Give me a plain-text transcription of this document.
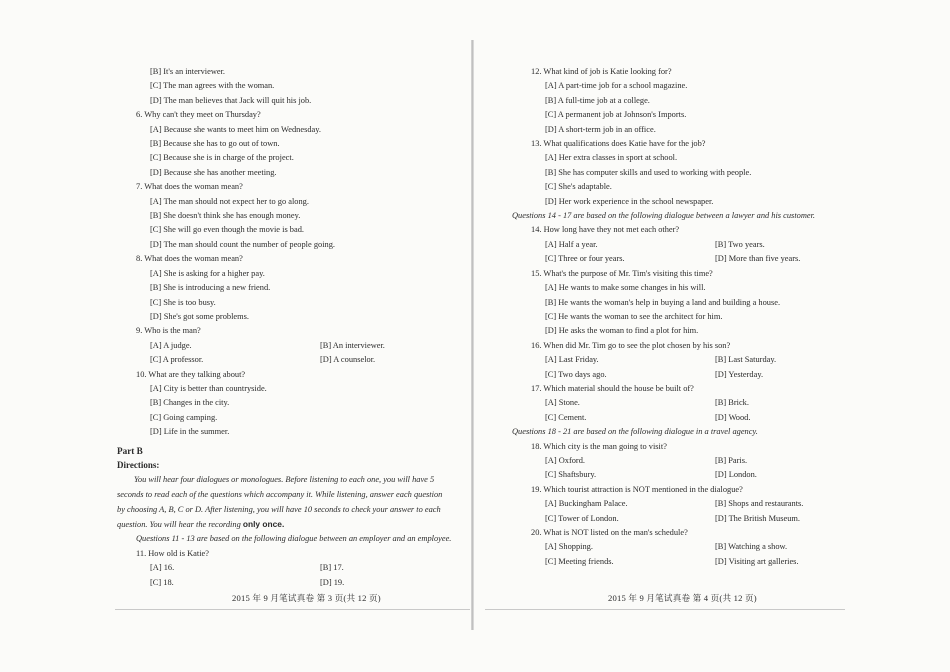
[B] It's an interviewer.
[C] The man agrees with the woman.
[D] The man believes that Jack will quit his job.
6. Why can't they meet on Thursday?
[A] Because she wants to meet him on Wednesday.
[B] Because she has to go out of town.
[C] Because she is in charge of the project.
[D] Because she has another meeting.
7. What does the woman mean?
[A] The man should not expect her to go along.
[B] She doesn't think she has enough money.
[C] She will go even though the movie is bad.
[D] The man should count the number of people going.
8. What does the woman mean?
[A] She is asking for a higher pay.
[B] She is introducing a new friend.
[C] She is too busy.
[D] She's got some problems.
9. Who is the man?
[A] A judge.	[B] An interviewer.
[C] A professor.	[D] A counselor.
10. What are they talking about?
[A] City is better than countryside.
[B] Changes in the city.
[C] Going camping.
[D] Life in the summer.
Part B
Directions:
You will hear four dialogues or monologues. Before listening to each one, you will have 5
seconds to read each of the questions which accompany it. While listening, answer each question
by choosing A, B, C or D. After listening, you will have 10 seconds to check your answer to each
question. You will hear the recording only once.
Questions 11 - 13 are based on the following dialogue between an employer and an employee.
11. How old is Katie?
[A] 16.	[B] 17.
[C] 18.	[D] 19.
2015 年 9 月笔试真卷 第 3 页(共 12 页)
12. What kind of job is Katie looking for?
[A] A part-time job for a school magazine.
[B] A full-time job at a college.
[C] A permanent job at Johnson's Imports.
[D] A short-term job in an office.
13. What qualifications does Katie have for the job?
[A] Her extra classes in sport at school.
[B] She has computer skills and used to working with people.
[C] She's adaptable.
[D] Her work experience in the school newspaper.
Questions 14 - 17 are based on the following dialogue between a lawyer and his customer.
14. How long have they not met each other?
[A] Half a year.	[B] Two years.
[C] Three or four years.	[D] More than five years.
15. What's the purpose of Mr. Tim's visiting this time?
[A] He wants to make some changes in his will.
[B] He wants the woman's help in buying a land and building a house.
[C] He wants the woman to see the architect for him.
[D] He asks the woman to find a plot for him.
16. When did Mr. Tim go to see the plot chosen by his son?
[A] Last Friday.	[B] Last Saturday.
[C] Two days ago.	[D] Yesterday.
17. Which material should the house be built of?
[A] Stone.	[B] Brick.
[C] Cement.	[D] Wood.
Questions 18 - 21 are based on the following dialogue in a travel agency.
18. Which city is the man going to visit?
[A] Oxford.	[B] Paris.
[C] Shaftsbury.	[D] London.
19. Which tourist attraction is NOT mentioned in the dialogue?
[A] Buckingham Palace.	[B] Shops and restaurants.
[C] Tower of London.	[D] The British Museum.
20. What is NOT listed on the man's schedule?
[A] Shopping.	[B] Watching a show.
[C] Meeting friends.	[D] Visiting art galleries.
2015 年 9 月笔试真卷 第 4 页(共 12 页)
